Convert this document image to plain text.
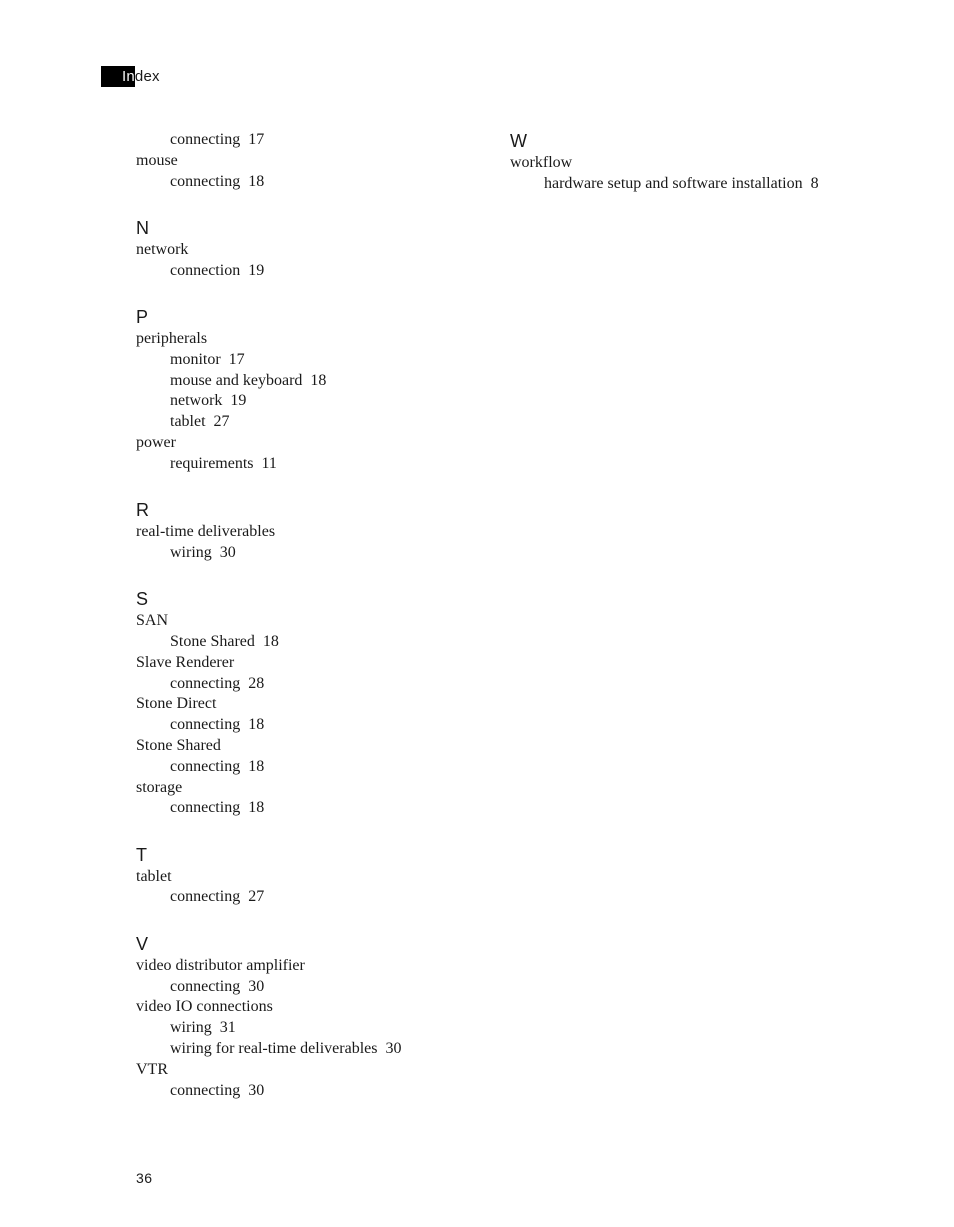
Index
connecting  17
mouse
connecting  18
N
network
connection  19
P
peripherals
monitor  17
mouse and keyboard  18
network  19
tablet  27
power
requirements  11
R
real-time deliverables
wiring  30
S
SAN
Stone Shared  18
Slave Renderer
connecting  28
Stone Direct
connecting  18
Stone Shared
connecting  18
storage
connecting  18
T
tablet
connecting  27
V
video distributor amplifier
connecting  30
video IO connections
wiring  31
wiring for real-time deliverables  30
VTR
connecting  30
W
workflow
hardware setup and software installation  8
36
